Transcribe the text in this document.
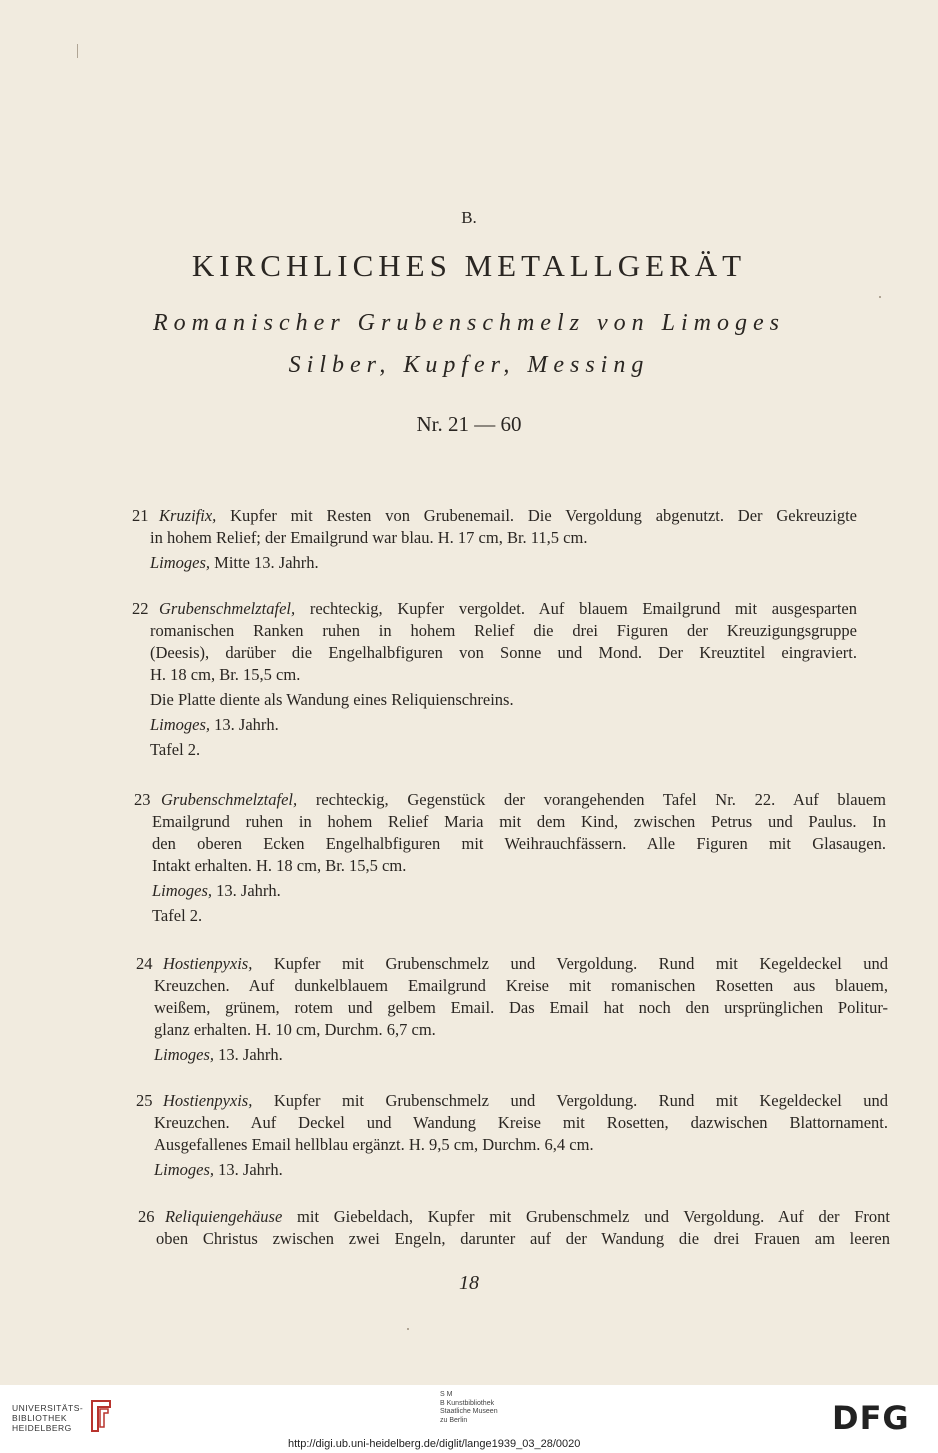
B.
KIRCHLICHES METALLGERÄT
Romanischer Grubenschmelz von Limoges
Silber, Kupfer, Messing
Nr. 21 — 60
21 Kruzifix, Kupfer mit Resten von Grubenemail. Die Vergoldung abgenutzt. Der Gekreuzigte
in hohem Relief; der Emailgrund war blau. H. 17 cm, Br. 11,5 cm.
Limoges, Mitte 13. Jahrh.
22 Grubenschmelztafel, rechteckig, Kupfer vergoldet. Auf blauem Emailgrund mit ausgesparten
romanischen Ranken ruhen in hohem Relief die drei Figuren der Kreuzigungsgruppe
(Deesis), darüber die Engelhalbfiguren von Sonne und Mond. Der Kreuztitel eingraviert.
H. 18 cm, Br. 15,5 cm.
Die Platte diente als Wandung eines Reliquienschreins.
Limoges, 13. Jahrh.
Tafel 2.
23 Grubenschmelztafel, rechteckig, Gegenstück der vorangehenden Tafel Nr. 22. Auf blauem
Emailgrund ruhen in hohem Relief Maria mit dem Kind, zwischen Petrus und Paulus. In
den oberen Ecken Engelhalbfiguren mit Weihrauchfässern. Alle Figuren mit Glasaugen.
Intakt erhalten. H. 18 cm, Br. 15,5 cm.
Limoges, 13. Jahrh.
Tafel 2.
24 Hostienpyxis, Kupfer mit Grubenschmelz und Vergoldung. Rund mit Kegeldeckel und
Kreuzchen. Auf dunkelblauem Emailgrund Kreise mit romanischen Rosetten aus blauem,
weißem, grünem, rotem und gelbem Email. Das Email hat noch den ursprünglichen Politur-
glanz erhalten. H. 10 cm, Durchm. 6,7 cm.
Limoges, 13. Jahrh.
25 Hostienpyxis, Kupfer mit Grubenschmelz und Vergoldung. Rund mit Kegeldeckel und
Kreuzchen. Auf Deckel und Wandung Kreise mit Rosetten, dazwischen Blattornament.
Ausgefallenes Email hellblau ergänzt. H. 9,5 cm, Durchm. 6,4 cm.
Limoges, 13. Jahrh.
26 Reliquiengehäuse mit Giebeldach, Kupfer mit Grubenschmelz und Vergoldung. Auf der Front
oben Christus zwischen zwei Engeln, darunter auf der Wandung die drei Frauen am leeren
18
UNIVERSITÄTS-
BIBLIOTHEK
HEIDELBERG
S M
B Kunstbibliothek
Staatliche Museen
zu Berlin	DFG
http://digi.ub.uni-heidelberg.de/diglit/lange1939_03_28/0020
